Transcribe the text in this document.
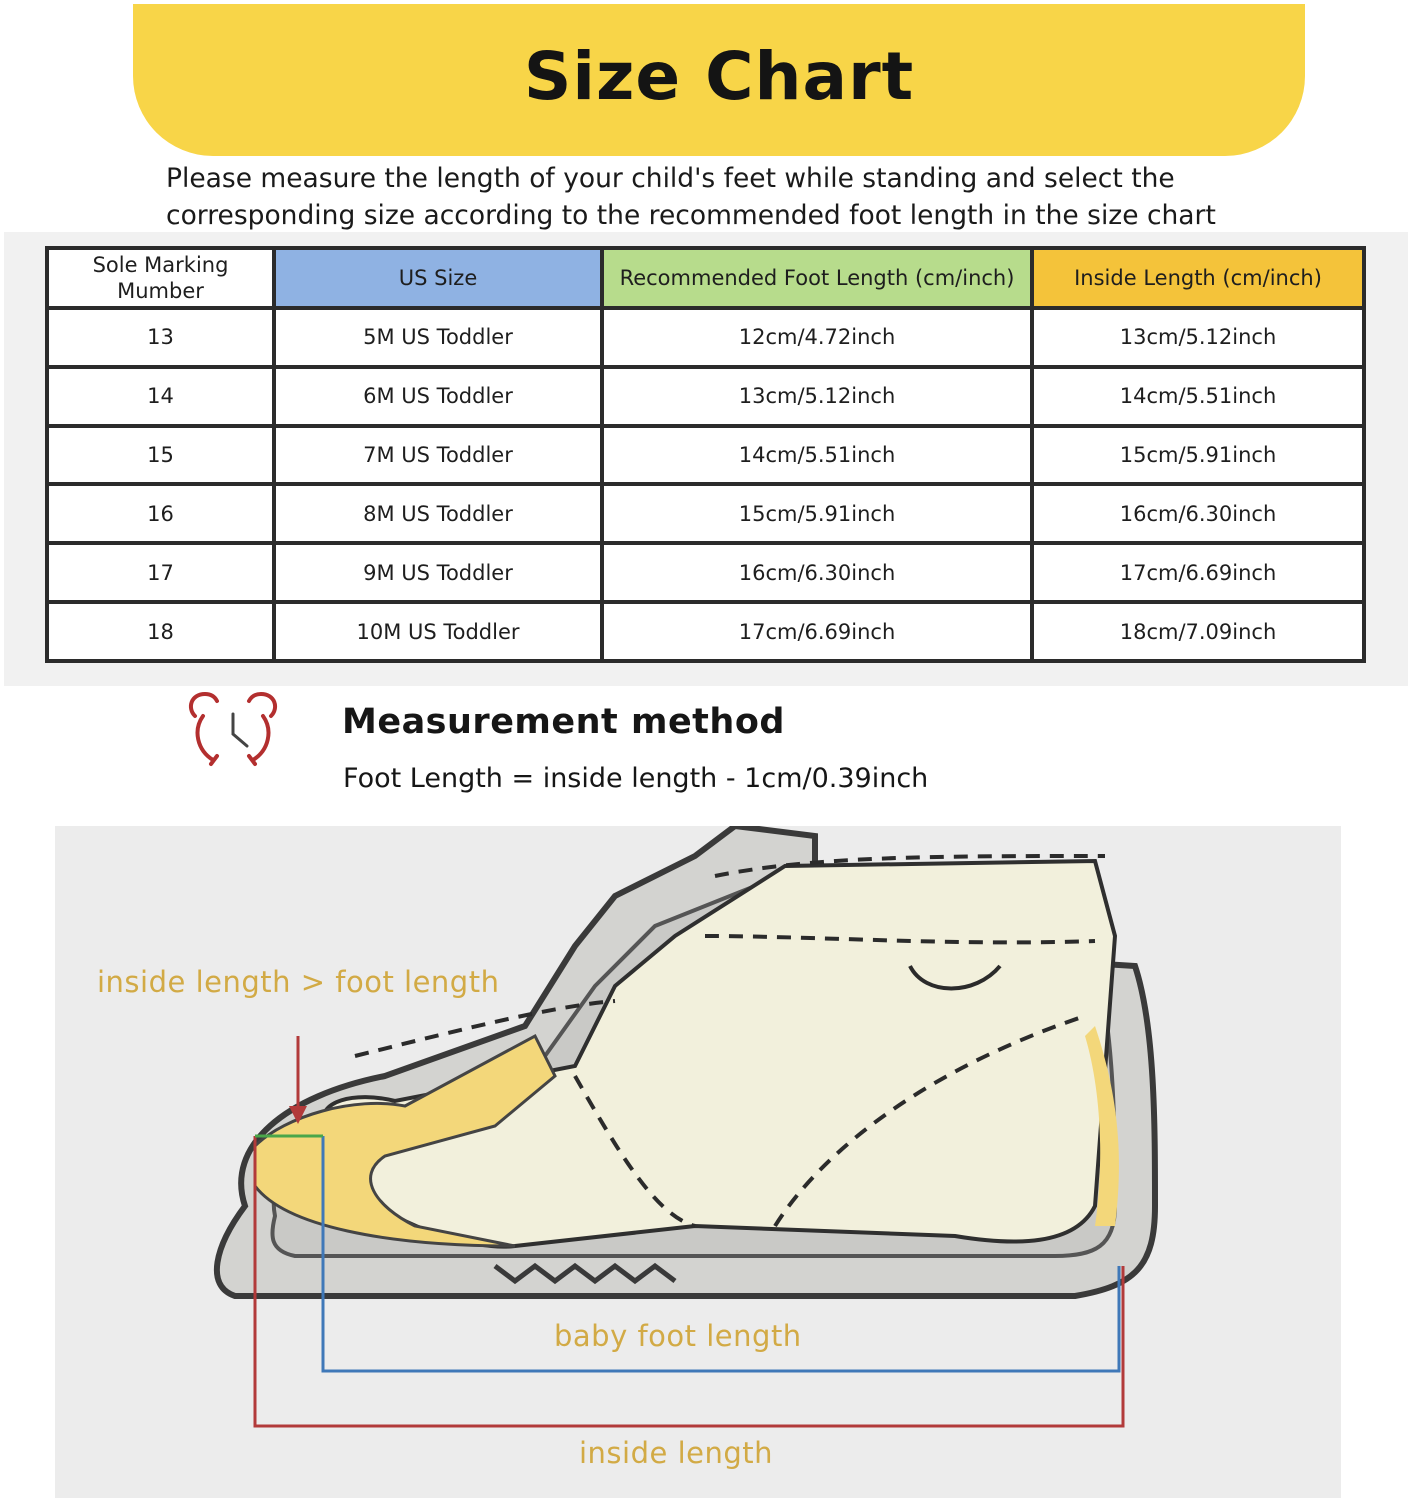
Size Chart
Please measure the length of your child's feet while standing and select the
corresponding size according to the recommended foot length in the size chart
Sole Marking
Mumber	US Size	Recommended Foot Length (cm/inch)	Inside Length (cm/inch)
13	5M US Toddler	12cm/4.72inch	13cm/5.12inch
14	6M US Toddler	13cm/5.12inch	14cm/5.51inch
15	7M US Toddler	14cm/5.51inch	15cm/5.91inch
16	8M US Toddler	15cm/5.91inch	16cm/6.30inch
17	9M US Toddler	16cm/6.30inch	17cm/6.69inch
18	10M US Toddler	17cm/6.69inch	18cm/7.09inch
Measurement method
Foot Length = inside length - 1cm/0.39inch
inside length > foot length
baby foot length
inside length
